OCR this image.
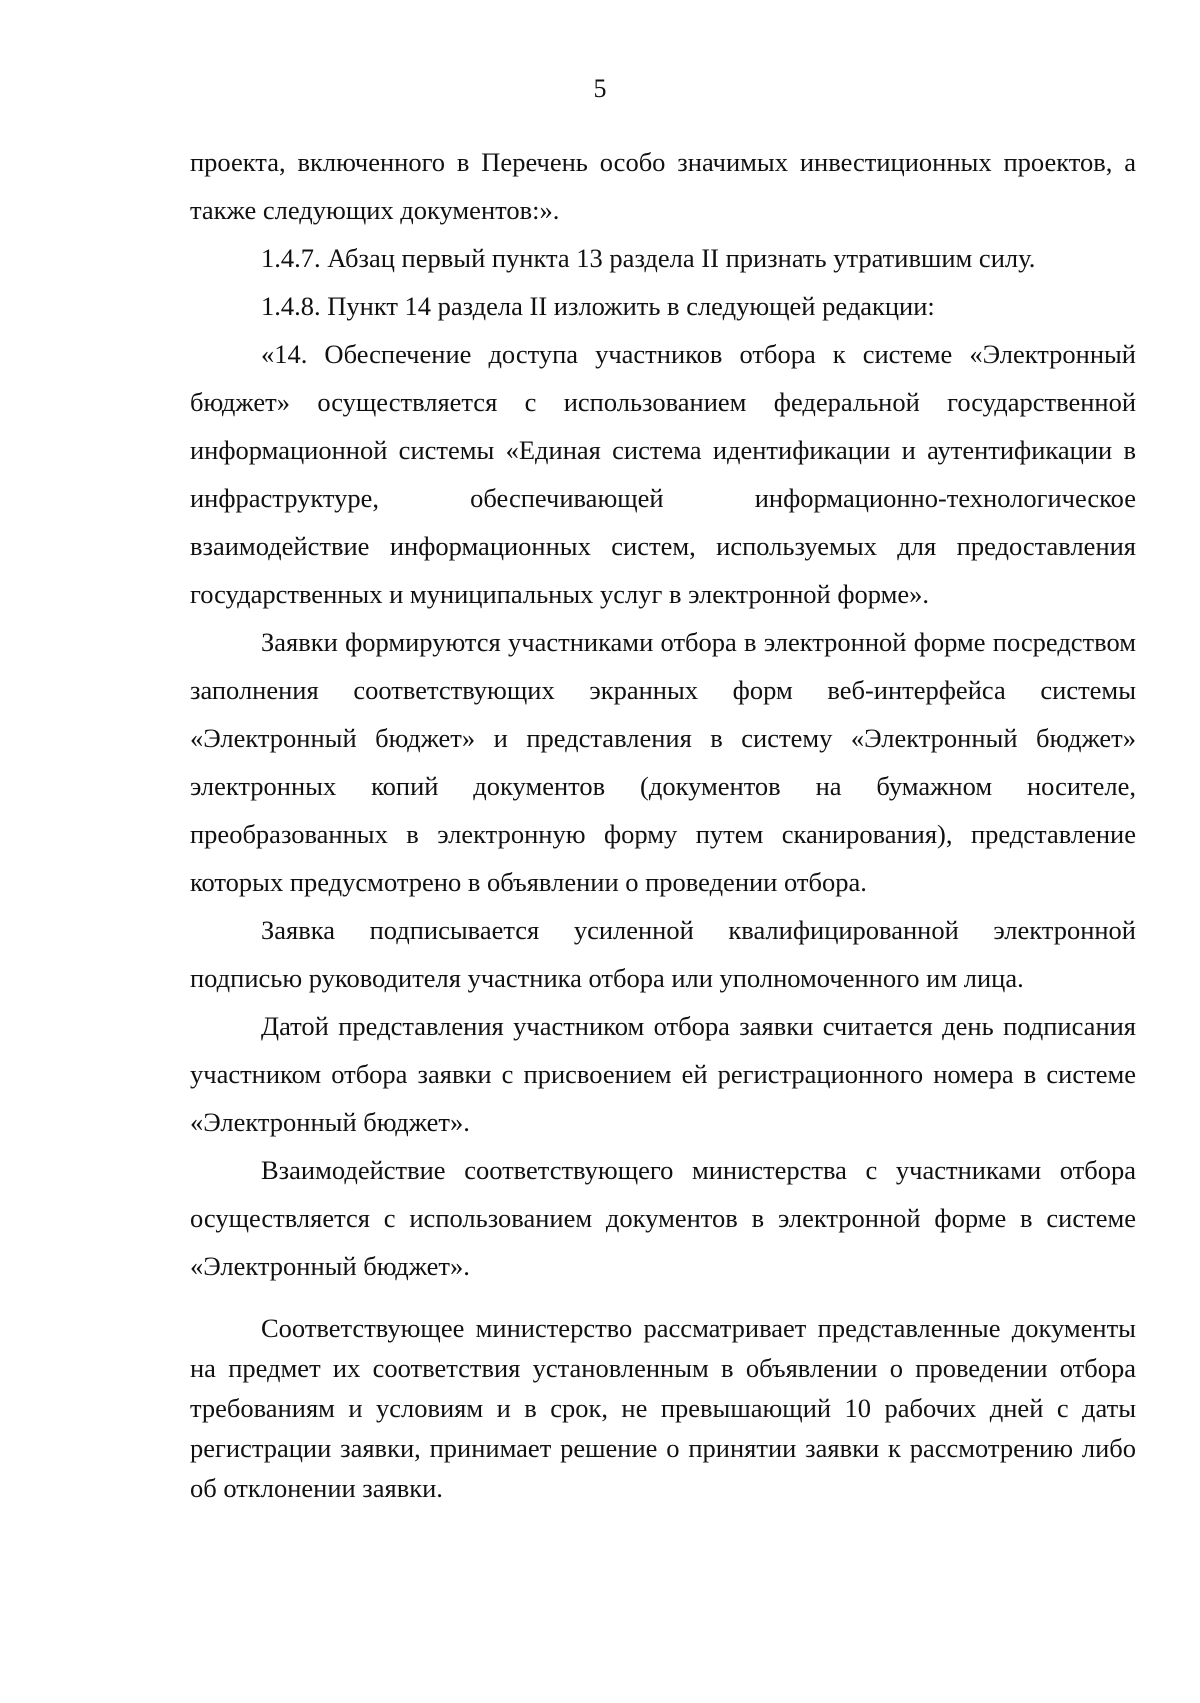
5

проекта, включенного в Перечень особо значимых инвестиционных проектов, а также следующих документов:».

1.4.7. Абзац первый пункта 13 раздела II признать утратившим силу.

1.4.8. Пункт 14 раздела II изложить в следующей редакции:

«14. Обеспечение доступа участников отбора к системе «Электронный бюджет» осуществляется с использованием федеральной государственной информационной системы «Единая система идентификации и аутентификации в инфраструктуре, обеспечивающей информационно-технологическое взаимодействие информационных систем, используемых для предоставления государственных и муниципальных услуг в электронной форме».

Заявки формируются участниками отбора в электронной форме посредством заполнения соответствующих экранных форм веб-интерфейса системы «Электронный бюджет» и представления в систему «Электронный бюджет» электронных копий документов (документов на бумажном носителе, преобразованных в электронную форму путем сканирования), представление которых предусмотрено в объявлении о проведении отбора.

Заявка подписывается усиленной квалифицированной электронной подписью руководителя участника отбора или уполномоченного им лица.

Датой представления участником отбора заявки считается день подписания участником отбора заявки с присвоением ей регистрационного номера в системе «Электронный бюджет».

Взаимодействие соответствующего министерства с участниками отбора осуществляется с использованием документов в электронной форме в системе «Электронный бюджет».

Соответствующее министерство рассматривает представленные документы на предмет их соответствия установленным в объявлении о проведении отбора требованиям и условиям и в срок, не превышающий 10 рабочих дней с даты регистрации заявки, принимает решение о принятии заявки к рассмотрению либо об отклонении заявки.
